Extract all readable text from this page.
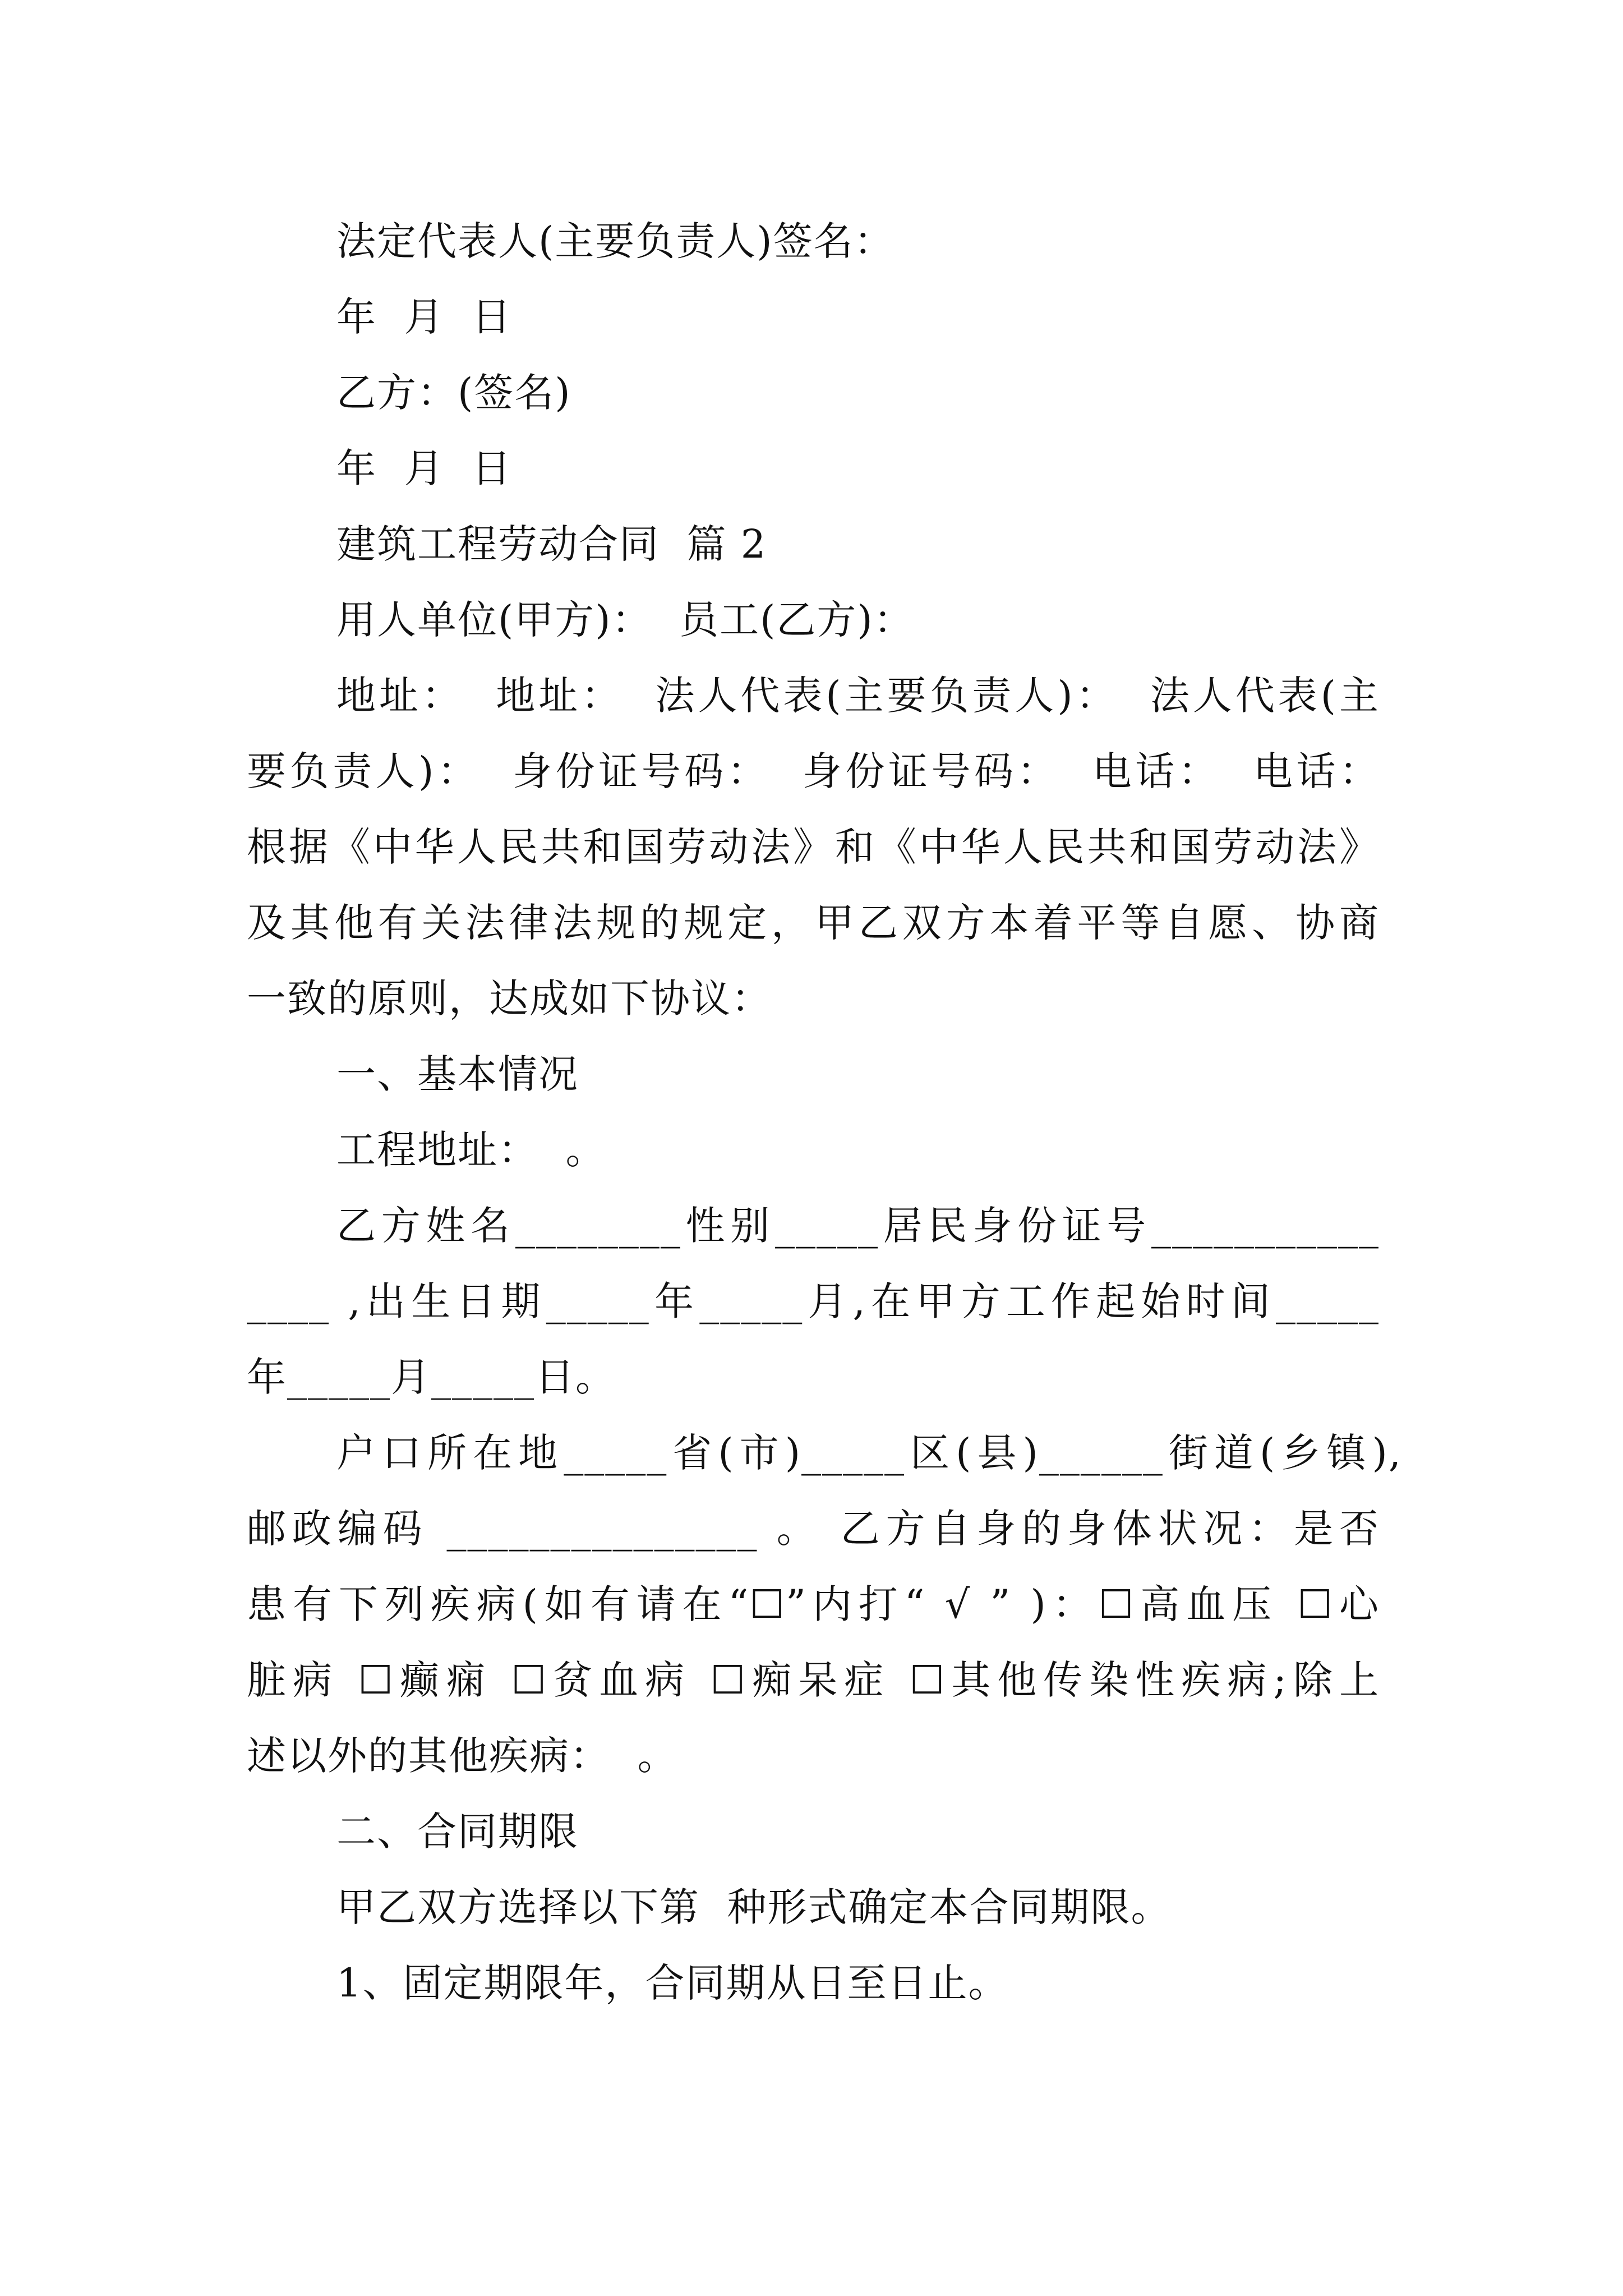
法定代表人(主要负责人)签名：
年  月  日
乙方：(签名)
年  月  日
建筑工程劳动合同  篇 2
用人单位(甲方)：  员工(乙方)：
地址：  地址：  法人代表(主要负责人)：  法人代表(主
要负责人)：  身份证号码：  身份证号码：  电话：  电话：
根据《中华人民共和国劳动法》和《中华人民共和国劳动法》
及其他有关法律法规的规定，甲乙双方本着平等自愿、协商
一致的原则，达成如下协议：
一、基本情况
工程地址：  。
乙方姓名________性别_____居民身份证号___________
____ ,出生日期_____年_____月,在甲方工作起始时间_____
年_____月_____日。
户口所在地_____省(市)_____区(县)______街道(乡镇),
邮政编码 _______________ 。 乙方自身的身体状况：是否
患有下列疾病(如有请在“☐”内打“ √ ” )：☐高血压 ☐心
脏病 ☐癫痫 ☐贫血病 ☐痴呆症 ☐其他传染性疾病;除上
述以外的其他疾病：  。
二、合同期限
甲乙双方选择以下第  种形式确定本合同期限。
1、固定期限年，合同期从日至日止。
